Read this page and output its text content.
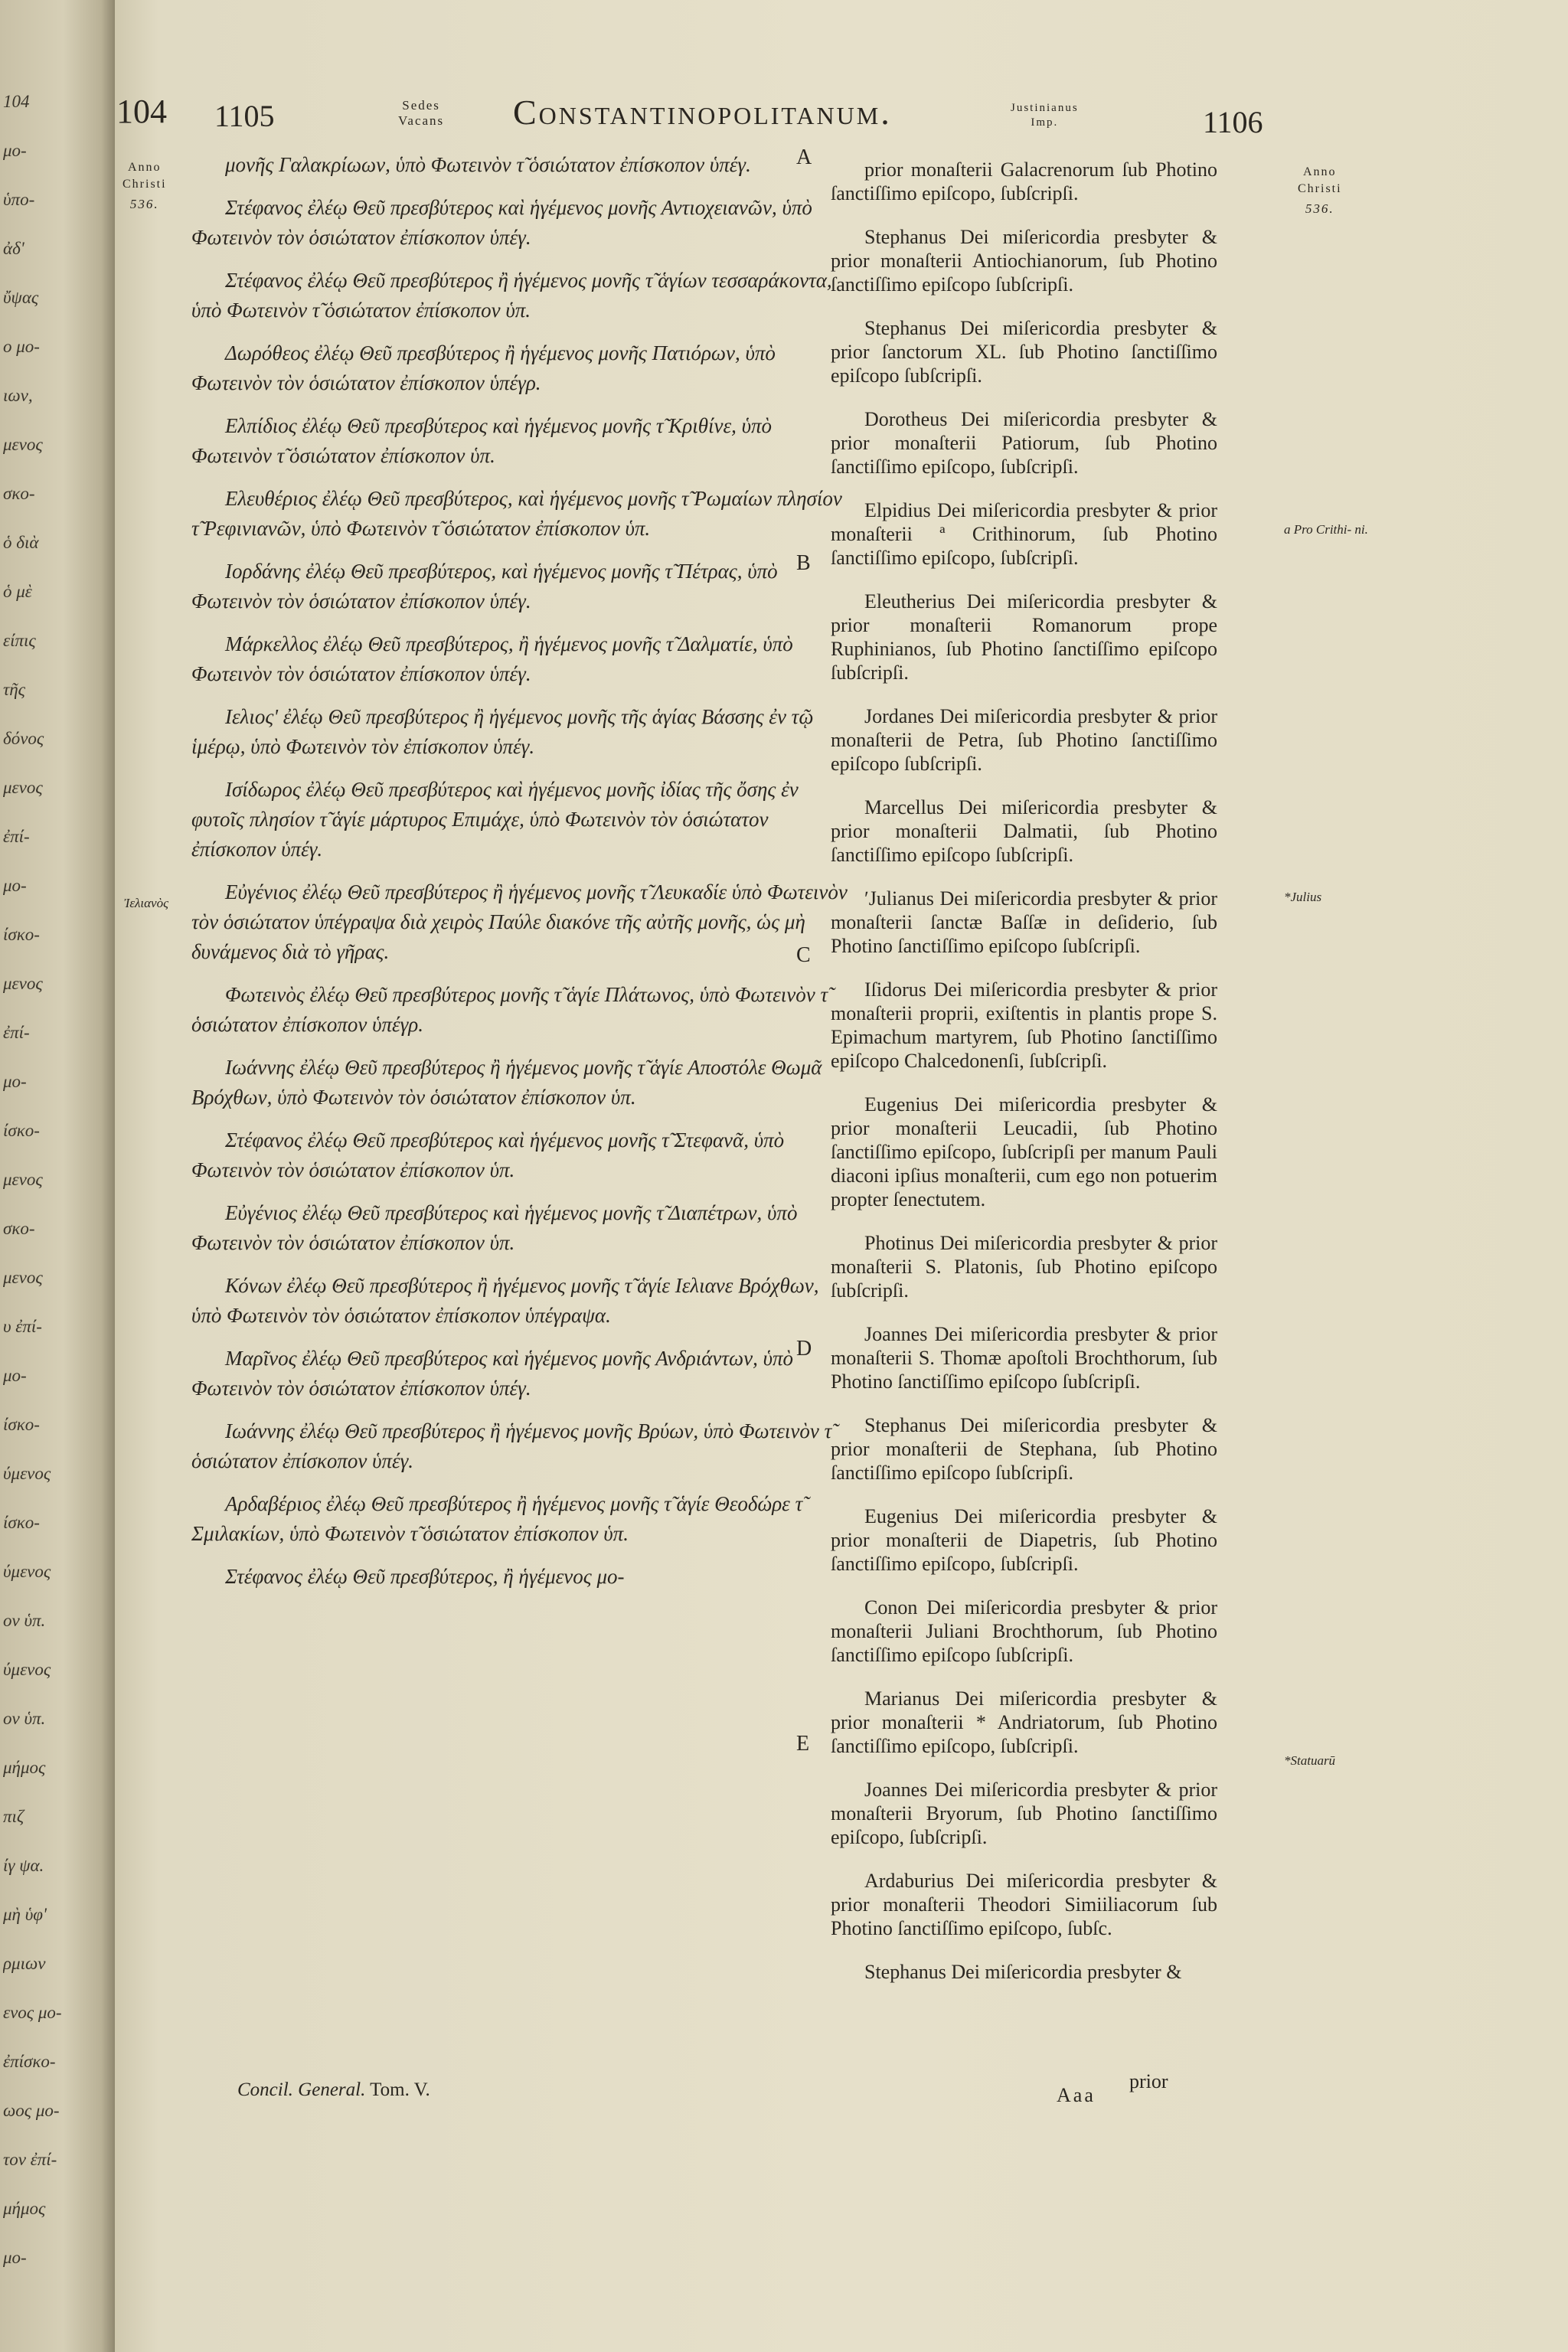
104
μο-
ὑπο-
ἀδ'
ὔψας
ο μο-
ιων,
μενος
σκο-
ὁ διὰ
ὁ μὲ
είπις
τῆς
δόνος
μενος
ἐπί-
μο-
ίσκο-
μενος
ἐπί-
μο-
ίσκο-
μενος
σκο-
μενος
υ ἐπί-
μο-
ίσκο-
ύμενος
ίσκο-
ύμενος
ον ὑπ.
ύμενος
ον ὑπ.
μήμος
πιζ
ίγ ψα.
μὴ ὑφ'
ρμιων
ενος μο-
ἐπίσκο-
ωος μο-
τον ἐπί-
μήμος
μο-
104 1105	Sedes
Vacans Constantinopolitanum.	Justinianus
Imp.	1106
Anno
Christi
536.
Anno
Christi
536.

μονῆς Γαλακρίωων, ὑπὸ Φωτεινὸν τ̃ ὁσιώτατον ἐπίσκοπον ὑπέγ.

Στέφανος ἐλέῳ Θεῦ πρεσβύτερος καὶ ἡγέμενος μονῆς Αντιοχειανῶν, ὑπὸ Φωτεινὸν τὸν ὁσιώτατον ἐπίσκοπον ὑπέγ.

Στέφανος ἐλέῳ Θεῦ πρεσβύτερος ἢ ἡγέμενος μονῆς τ̃ ἁγίων τεσσαράκοντα, ὑπὸ Φωτεινὸν τ̃ ὁσιώτατον ἐπίσκοπον ὑπ.

Δωρόθεος ἐλέῳ Θεῦ πρεσβύτερος ἢ ἡγέμενος μονῆς Πατιόρων, ὑπὸ Φωτεινὸν τὸν ὁσιώτατον ἐπίσκοπον ὑπέγρ.

Ελπίδιος ἐλέῳ Θεῦ πρεσβύτερος καὶ ἡγέμενος μονῆς τ̃ Κριθίνε, ὑπὸ Φωτεινὸν τ̃ ὁσιώτατον ἐπίσκοπον ὑπ.

Ελευθέριος ἐλέῳ Θεῦ πρεσβύτερος, καὶ ἡγέμενος μονῆς τ̃ Ρωμαίων πλησίον τ̃ Ρεφινιανῶν, ὑπὸ Φωτεινὸν τ̃ ὁσιώτατον ἐπίσκοπον ὑπ.

Ιορδάνης ἐλέῳ Θεῦ πρεσβύτερος, καὶ ἡγέμενος μονῆς τ̃ Πέτρας, ὑπὸ Φωτεινὸν τὸν ὁσιώτατον ἐπίσκοπον ὑπέγ.

Μάρκελλος ἐλέῳ Θεῦ πρεσβύτερος, ἢ ἡγέμενος μονῆς τ̃ Δαλματίε, ὑπὸ Φωτεινὸν τὸν ὁσιώτατον ἐπίσκοπον ὑπέγ.

Ιελιος' ἐλέῳ Θεῦ πρεσβύτερος ἢ ἡγέμενος μονῆς τῆς ἁγίας Βάσσης ἐν τῷ ἱμέρῳ, ὑπὸ Φωτεινὸν τὸν ἐπίσκοπον ὑπέγ.

Ισίδωρος ἐλέῳ Θεῦ πρεσβύτερος καὶ ἡγέμενος μονῆς ἰδίας τῆς ὄσης ἐν φυτοῖς πλησίον τ̃ ἁγίε μάρτυρος Επιμάχε, ὑπὸ Φωτεινὸν τὸν ὁσιώτατον ἐπίσκοπον ὑπέγ.

Εὐγένιος ἐλέῳ Θεῦ πρεσβύτερος ἢ ἡγέμενος μονῆς τ̃ Λευκαδίε ὑπὸ Φωτεινὸν τὸν ὁσιώτατον ὑπέγραψα διὰ χειρὸς Παύλε διακόνε τῆς αὐτῆς μονῆς, ὡς μὴ δυνάμενος διὰ τὸ γῆρας.

Φωτεινὸς ἐλέῳ Θεῦ πρεσβύτερος μονῆς τ̃ ἁγίε Πλάτωνος, ὑπὸ Φωτεινὸν τ̃ ὁσιώτατον ἐπίσκοπον ὑπέγρ.

Ιωάννης ἐλέῳ Θεῦ πρεσβύτερος ἢ ἡγέμενος μονῆς τ̃ ἁγίε Αποστόλε Θωμᾶ Βρόχθων, ὑπὸ Φωτεινὸν τὸν ὁσιώτατον ἐπίσκοπον ὑπ.

Στέφανος ἐλέῳ Θεῦ πρεσβύτερος καὶ ἡγέμενος μονῆς τ̃ Στεφανᾶ, ὑπὸ Φωτεινὸν τὸν ὁσιώτατον ἐπίσκοπον ὑπ.

Εὐγένιος ἐλέῳ Θεῦ πρεσβύτερος καὶ ἡγέμενος μονῆς τ̃ Διαπέτρων, ὑπὸ Φωτεινὸν τὸν ὁσιώτατον ἐπίσκοπον ὑπ.

Κόνων ἐλέῳ Θεῦ πρεσβύτερος ἢ ἡγέμενος μονῆς τ̃ ἁγίε Ιελιανε Βρόχθων, ὑπὸ Φωτεινὸν τὸν ὁσιώτατον ἐπίσκοπον ὑπέγραψα.

Μαρῖνος ἐλέῳ Θεῦ πρεσβύτερος καὶ ἡγέμενος μονῆς Ανδριάντων, ὑπὸ Φωτεινὸν τὸν ὁσιώτατον ἐπίσκοπον ὑπέγ.

Ιωάννης ἐλέῳ Θεῦ πρεσβύτερος ἢ ἡγέμενος μονῆς Βρύων, ὑπὸ Φωτεινὸν τ̃ ὁσιώτατον ἐπίσκοπον ὑπέγ.

Αρδαβέριος ἐλέῳ Θεῦ πρεσβύτερος ἢ ἡγέμενος μονῆς τ̃ ἁγίε Θεοδώρε τ̃ Σμιλακίων, ὑπὸ Φωτεινὸν τ̃ ὁσιώτατον ἐπίσκοπον ὑπ.

Στέφανος ἐλέῳ Θεῦ πρεσβύτερος, ἢ ἡγέμενος μο-

prior monaſterii Galacrenorum ſub Photino ſanctiſſimo epiſcopo, ſubſcripſi.

Stephanus Dei miſericordia presbyter & prior monaſterii Antiochianorum, ſub Photino ſanctiſſimo epiſcopo ſubſcripſi.

Stephanus Dei miſericordia presbyter & prior ſanctorum XL. ſub Photino ſanctiſſimo epiſcopo ſubſcripſi.

Dorotheus Dei miſericordia presbyter & prior monaſterii Patiorum, ſub Photino ſanctiſſimo epiſcopo, ſubſcripſi.

Elpidius Dei miſericordia presbyter & prior monaſterii ª Crithinorum, ſub Photino ſanctiſſimo epiſcopo, ſubſcripſi.

Eleutherius Dei miſericordia presbyter & prior monaſterii Romanorum prope Ruphinianos, ſub Photino ſanctiſſimo epiſcopo ſubſcripſi.

Jordanes Dei miſericordia presbyter & prior monaſterii de Petra, ſub Photino ſanctiſſimo epiſcopo ſubſcripſi.

Marcellus Dei miſericordia presbyter & prior monaſterii Dalmatii, ſub Photino ſanctiſſimo epiſcopo ſubſcripſi.

ʹJulianus Dei miſericordia presbyter & prior monaſterii ſanctæ Baſſæ in deſiderio, ſub Photino ſanctiſſimo epiſcopo ſubſcripſi.

Iſidorus Dei miſericordia presbyter & prior monaſterii proprii, exiſtentis in plantis prope S. Epimachum martyrem, ſub Photino ſanctiſſimo epiſcopo Chalcedonenſi, ſubſcripſi.

Eugenius Dei miſericordia presbyter & prior monaſterii Leucadii, ſub Photino ſanctiſſimo epiſcopo, ſubſcripſi per manum Pauli diaconi ipſius monaſterii, cum ego non potuerim propter ſenectutem.

Photinus Dei miſericordia presbyter & prior monaſterii S. Platonis, ſub Photino epiſcopo ſubſcripſi.

Joannes Dei miſericordia presbyter & prior monaſterii S. Thomæ apoſtoli Brochthorum, ſub Photino ſanctiſſimo epiſcopo ſubſcripſi.

Stephanus Dei miſericordia presbyter & prior monaſterii de Stephana, ſub Photino ſanctiſſimo epiſcopo ſubſcripſi.

Eugenius Dei miſericordia presbyter & prior monaſterii de Diapetris, ſub Photino ſanctiſſimo epiſcopo, ſubſcripſi.

Conon Dei miſericordia presbyter & prior monaſterii Juliani Brochthorum, ſub Photino ſanctiſſimo epiſcopo ſubſcripſi.

Marianus Dei miſericordia presbyter & prior monaſterii * Andriatorum, ſub Photino ſanctiſſimo epiſcopo, ſubſcripſi.

Joannes Dei miſericordia presbyter & prior monaſterii Bryorum, ſub Photino ſanctiſſimo epiſcopo, ſubſcripſi.

Ardaburius Dei miſericordia presbyter & prior monaſterii Theodori Simiiliacorum ſub Photino ſanctiſſimo epiſcopo, ſubſc.

Stephanus Dei miſericordia presbyter &

A
B
C
D
E
Ἰελιανὸς
a Pro Crithi- ni.
*Julius
*Statuarū
Concil. General. Tom. V.	Aaa
prior
